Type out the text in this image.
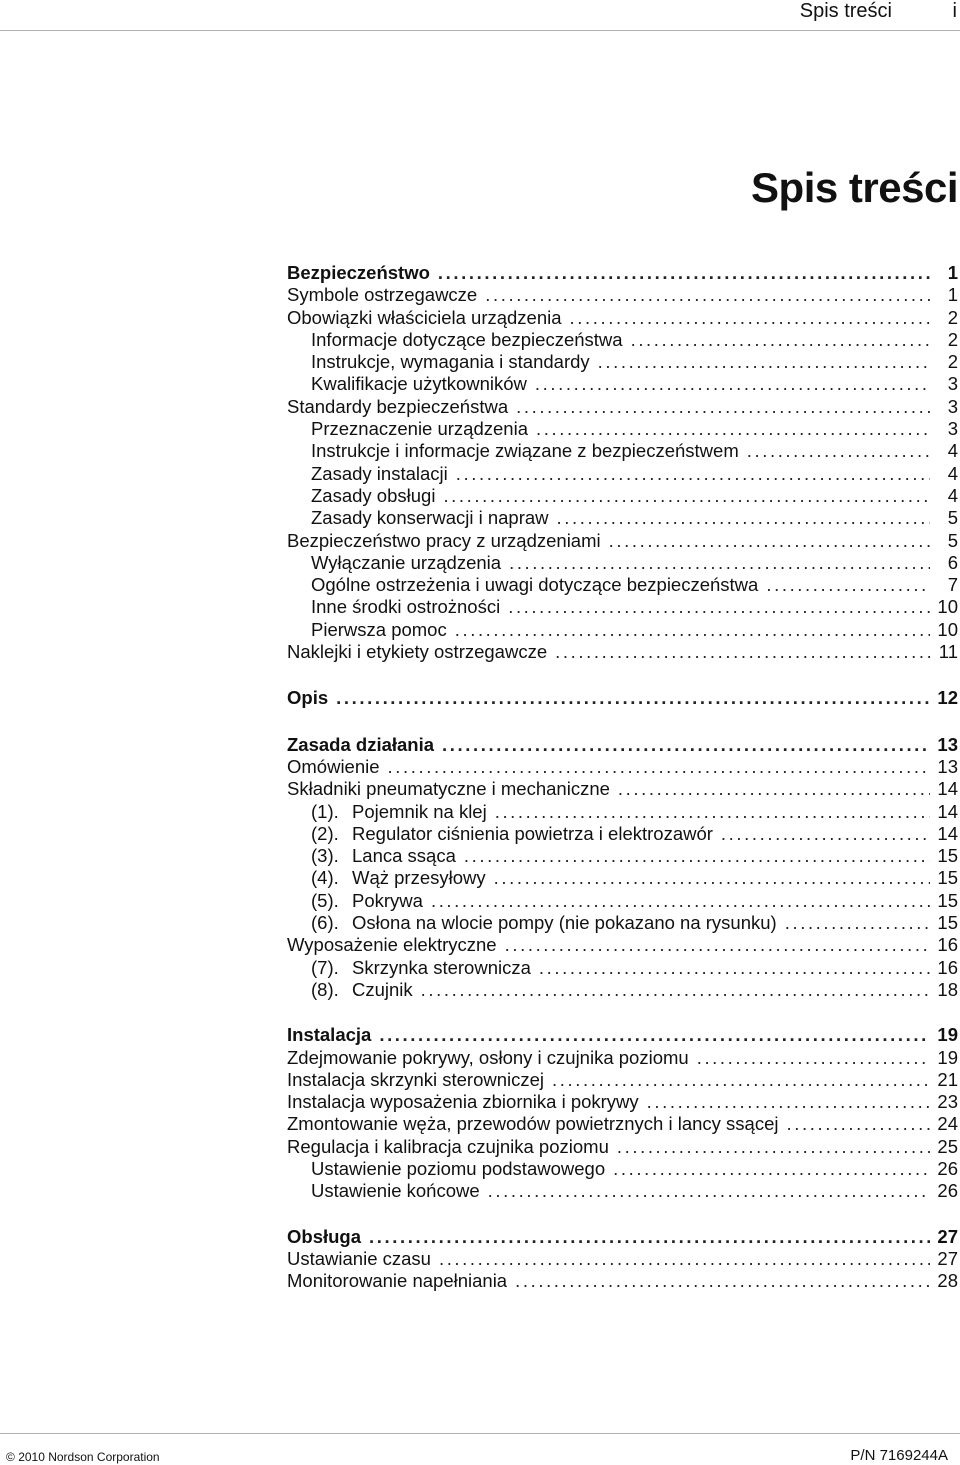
Spis treści	i
Spis treści
Bezpieczeństwo .....	1
Symbole ostrzegawcze .....	1
Obowiązki właściciela urządzenia .....	2
Informacje dotyczące bezpieczeństwa .....	2
Instrukcje, wymagania i standardy .....	2
Kwalifikacje użytkowników .....	3
Standardy bezpieczeństwa .....	3
Przeznaczenie urządzenia .....	3
Instrukcje i informacje związane z bezpieczeństwem .....	4
Zasady instalacji .....	4
Zasady obsługi .....	4
Zasady konserwacji i napraw .....	5
Bezpieczeństwo pracy z urządzeniami .....	5
Wyłączanie urządzenia .....	6
Ogólne ostrzeżenia i uwagi dotyczące bezpieczeństwa .....	7
Inne środki ostrożności .....	10
Pierwsza pomoc .....	10
Naklejki i etykiety ostrzegawcze .....	11
Opis .....	12
Zasada działania .....	13
Omówienie .....	13
Składniki pneumatyczne i mechaniczne .....	14
(1). Pojemnik na klej .....	14
(2). Regulator ciśnienia powietrza i elektrozawór .....	14
(3). Lanca ssąca .....	15
(4). Wąż przesyłowy .....	15
(5). Pokrywa .....	15
(6). Osłona na wlocie pompy (nie pokazano na rysunku) .....	15
Wyposażenie elektryczne .....	16
(7). Skrzynka sterownicza .....	16
(8). Czujnik .....	18
Instalacja .....	19
Zdejmowanie pokrywy, osłony i czujnika poziomu .....	19
Instalacja skrzynki sterowniczej .....	21
Instalacja wyposażenia zbiornika i pokrywy .....	23
Zmontowanie węża, przewodów powietrznych i lancy ssącej .....	24
Regulacja i kalibracja czujnika poziomu .....	25
Ustawienie poziomu podstawowego .....	26
Ustawienie końcowe .....	26
Obsługa .....	27
Ustawianie czasu .....	27
Monitorowanie napełniania .....	28
© 2010 Nordson Corporation	P/N 7169244A
